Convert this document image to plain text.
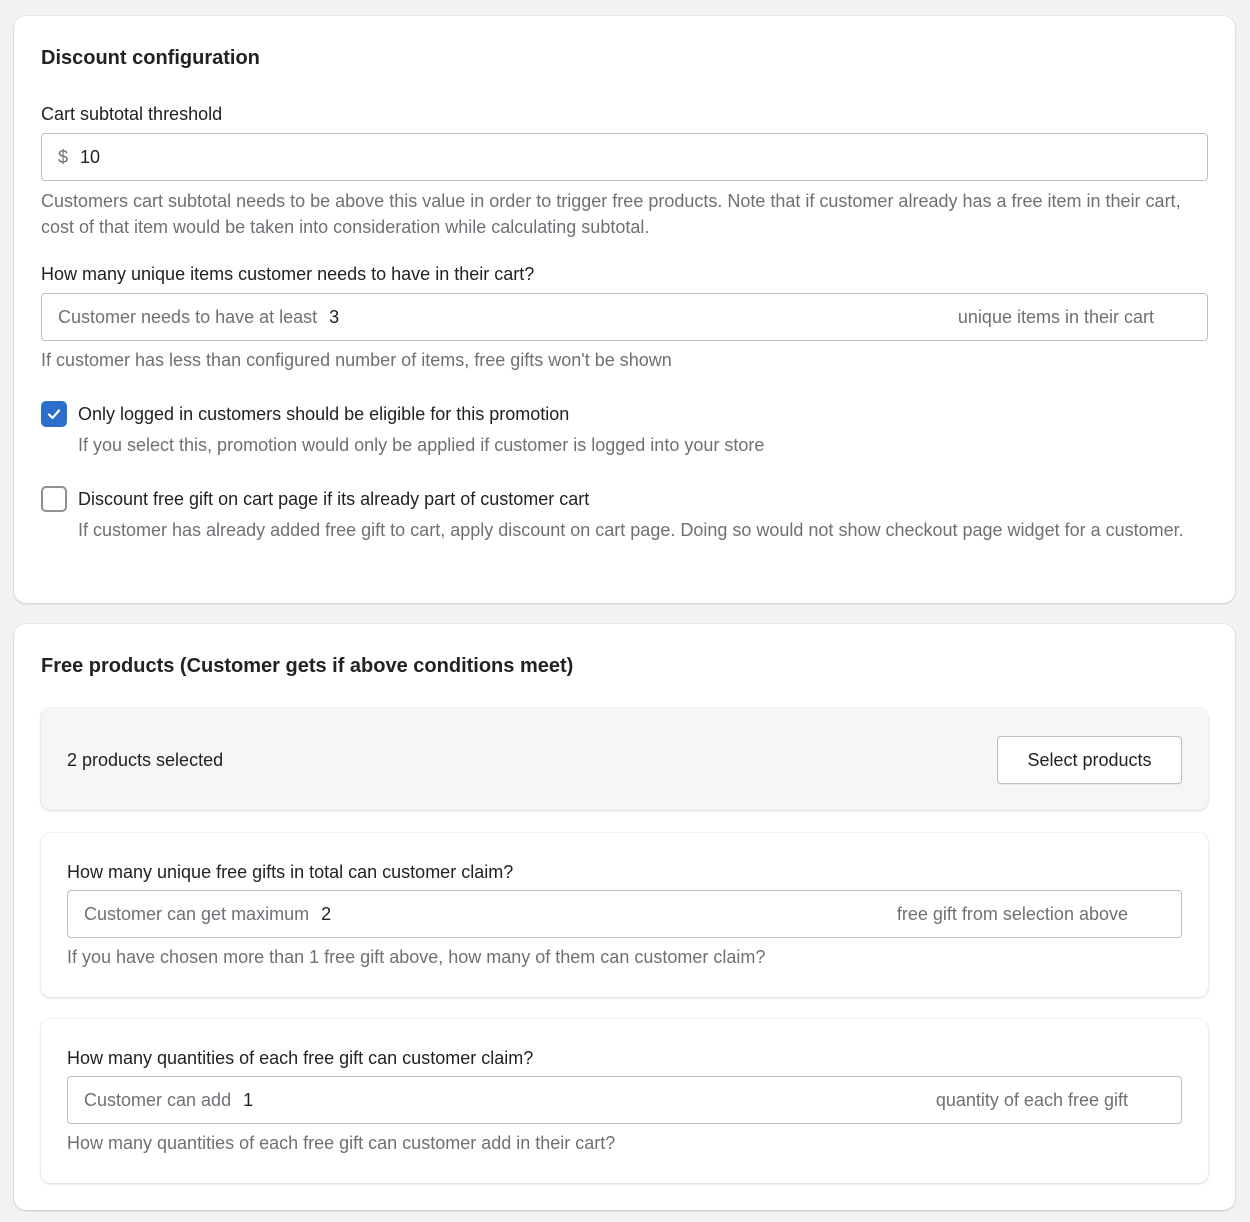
Discount configuration
Cart subtotal threshold
$ 10
Customers cart subtotal needs to be above this value in order to trigger free products. Note that if customer already has a free item in their cart, cost of that item would be taken into consideration while calculating subtotal.
How many unique items customer needs to have in their cart?
Customer needs to have at least 3	unique items in their cart
If customer has less than configured number of items, free gifts won't be shown
Only logged in customers should be eligible for this promotion
If you select this, promotion would only be applied if customer is logged into your store
Discount free gift on cart page if its already part of customer cart
If customer has already added free gift to cart, apply discount on cart page. Doing so would not show checkout page widget for a customer.
Free products (Customer gets if above conditions meet)
2 products selected	Select products
How many unique free gifts in total can customer claim?
Customer can get maximum 2	free gift from selection above
If you have chosen more than 1 free gift above, how many of them can customer claim?
How many quantities of each free gift can customer claim?
Customer can add 1	quantity of each free gift
How many quantities of each free gift can customer add in their cart?
